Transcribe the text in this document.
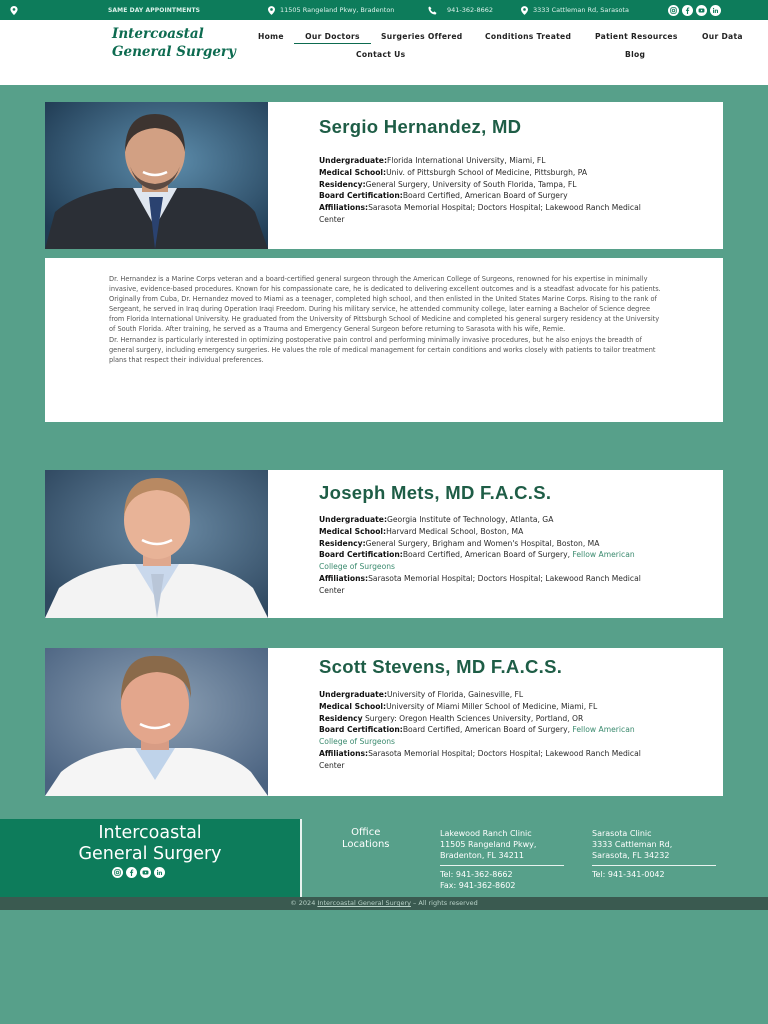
SAME DAY APPOINTMENTS	11505 Rangeland Pkwy, Bradenton	941-362-8662	3333 Cattleman Rd, Sarasota
Intercoastal
General Surgery
Home	Our Doctors	Surgeries Offered	Conditions Treated	Patient Resources	Our Data
Contact Us	Blog
Sergio Hernandez, MD
Undergraduate:Florida International University, Miami, FL
Medical School:Univ. of Pittsburgh School of Medicine, Pittsburgh, PA
Residency:General Surgery, University of South Florida, Tampa, FL
Board Certification:Board Certified, American Board of Surgery
Affiliations:Sarasota Memorial Hospital; Doctors Hospital; Lakewood Ranch Medical Center
Dr. Hernandez is a Marine Corps veteran and a board-certified general surgeon through the American College of Surgeons, renowned for his expertise in minimally invasive, evidence-based procedures. Known for his compassionate care, he is dedicated to delivering excellent outcomes and is a steadfast advocate for his patients. Originally from Cuba, Dr. Hernandez moved to Miami as a teenager, completed high school, and then enlisted in the United States Marine Corps. Rising to the rank of Sergeant, he served in Iraq during Operation Iraqi Freedom. During his military service, he attended community college, later earning a Bachelor of Science degree from Florida International University. He graduated from the University of Pittsburgh School of Medicine and completed his general surgery residency at the University of South Florida. After training, he served as a Trauma and Emergency General Surgeon before returning to Sarasota with his wife, Remie.
Dr. Hernandez is particularly interested in optimizing postoperative pain control and performing minimally invasive procedures, but he also enjoys the breadth of general surgery, including emergency surgeries. He values the role of medical management for certain conditions and works closely with patients to tailor treatment plans that respect their individual preferences.
Joseph Mets, MD F.A.C.S.
Undergraduate:Georgia Institute of Technology, Atlanta, GA
Medical School:Harvard Medical School, Boston, MA
Residency:General Surgery, Brigham and Women's Hospital, Boston, MA
Board Certification:Board Certified, American Board of Surgery, Fellow American College of Surgeons
Affiliations:Sarasota Memorial Hospital; Doctors Hospital; Lakewood Ranch Medical Center
Scott Stevens, MD F.A.C.S.
Undergraduate:University of Florida, Gainesville, FL
Medical School:University of Miami Miller School of Medicine, Miami, FL
Residency Surgery: Oregon Health Sciences University, Portland, OR
Board Certification:Board Certified, American Board of Surgery, Fellow American College of Surgeons
Affiliations:Sarasota Memorial Hospital; Doctors Hospital; Lakewood Ranch Medical Center
Intercoastal
General Surgery
Office
Locations
Lakewood Ranch Clinic
11505 Rangeland Pkwy,
Bradenton, FL 34211
Tel: 941-362-8662
Fax: 941-362-8602
Sarasota Clinic
3333 Cattleman Rd,
Sarasota, FL 34232
Tel: 941-341-0042
© 2024 Intercoastal General Surgery – All rights reserved
